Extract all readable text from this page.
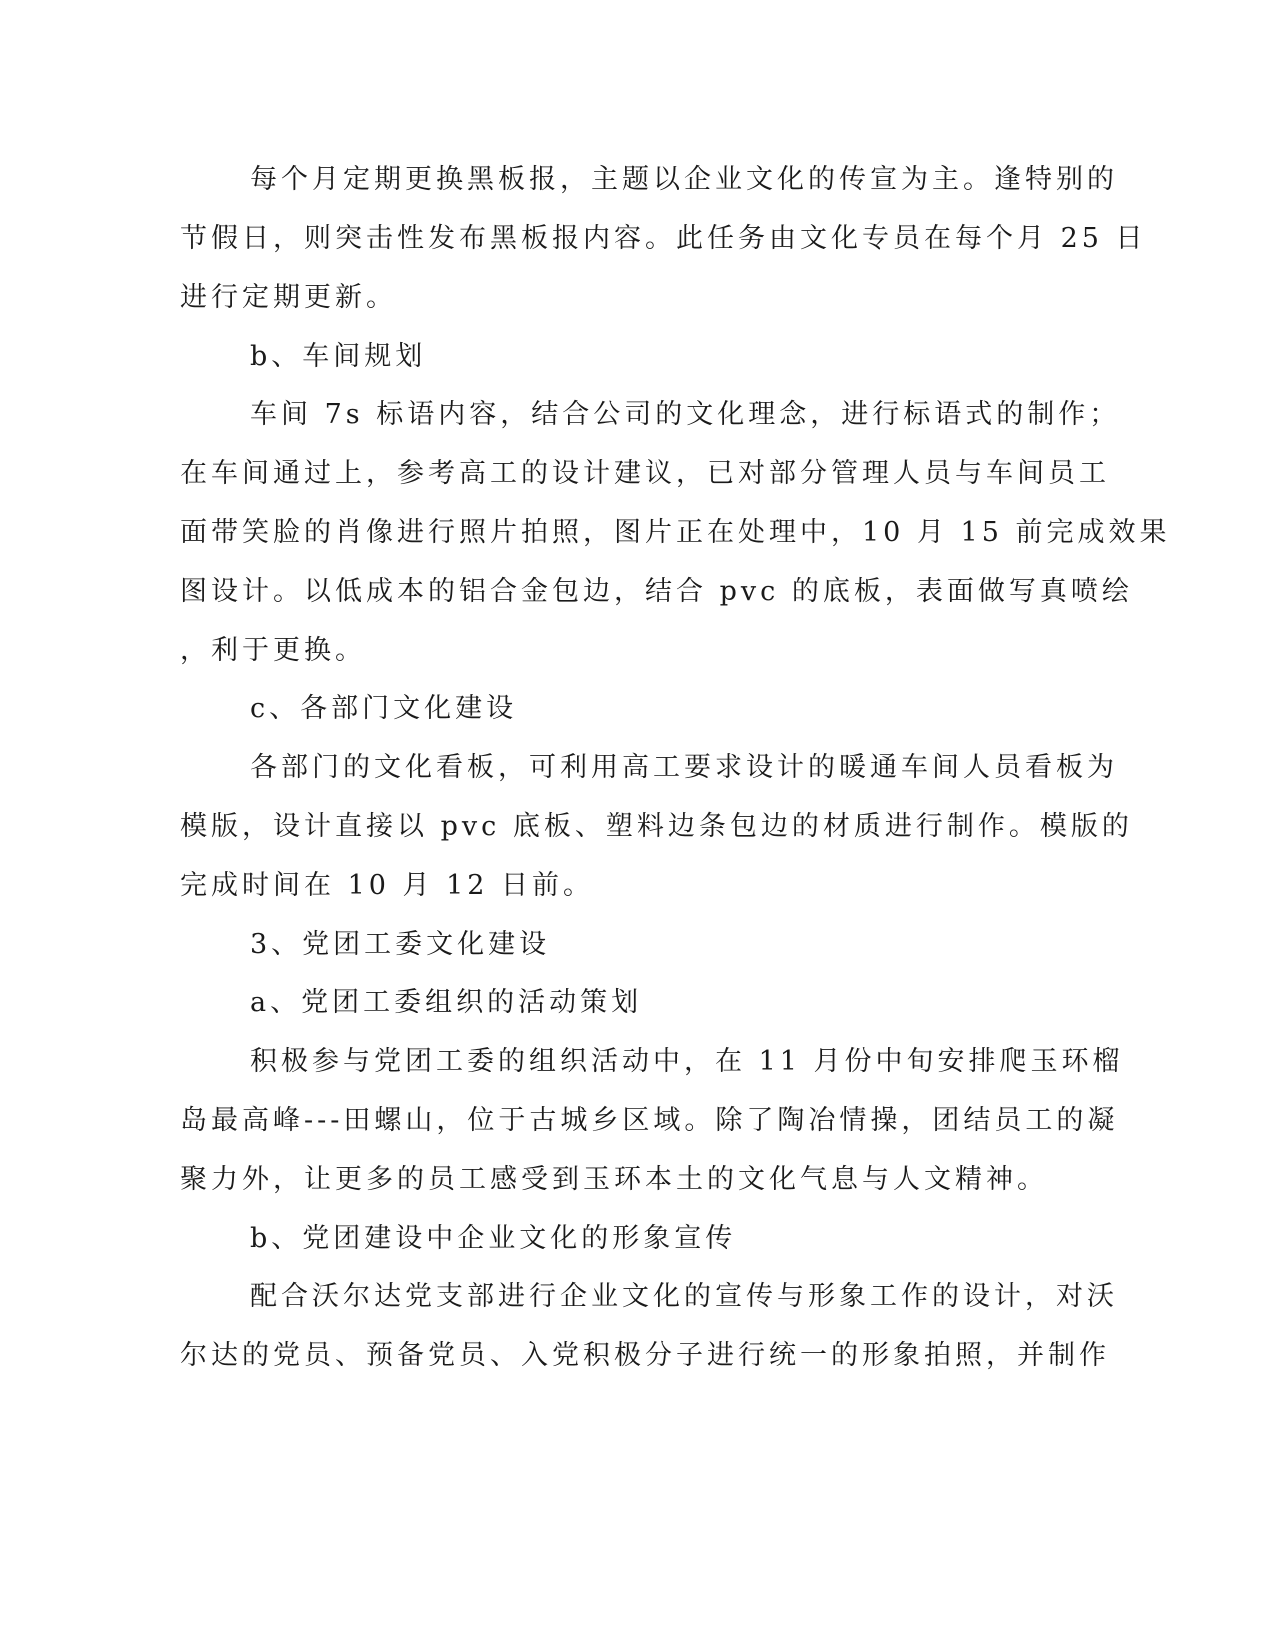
每个月定期更换黑板报，主题以企业文化的传宣为主。逢特别的
节假日，则突击性发布黑板报内容。此任务由文化专员在每个月 25 日
进行定期更新。
b、车间规划
车间 7s 标语内容，结合公司的文化理念，进行标语式的制作；
在车间通过上，参考高工的设计建议，已对部分管理人员与车间员工
面带笑脸的肖像进行照片拍照，图片正在处理中，10 月 15 前完成效果
图设计。以低成本的铝合金包边，结合 pvc 的底板，表面做写真喷绘
，利于更换。
c、各部门文化建设
各部门的文化看板，可利用高工要求设计的暖通车间人员看板为
模版，设计直接以 pvc 底板、塑料边条包边的材质进行制作。模版的
完成时间在 10 月 12 日前。
3、党团工委文化建设
a、党团工委组织的活动策划
积极参与党团工委的组织活动中，在 11 月份中旬安排爬玉环榴
岛最高峰---田螺山，位于古城乡区域。除了陶冶情操，团结员工的凝
聚力外，让更多的员工感受到玉环本土的文化气息与人文精神。
b、党团建设中企业文化的形象宣传
配合沃尔达党支部进行企业文化的宣传与形象工作的设计，对沃
尔达的党员、预备党员、入党积极分子进行统一的形象拍照，并制作
